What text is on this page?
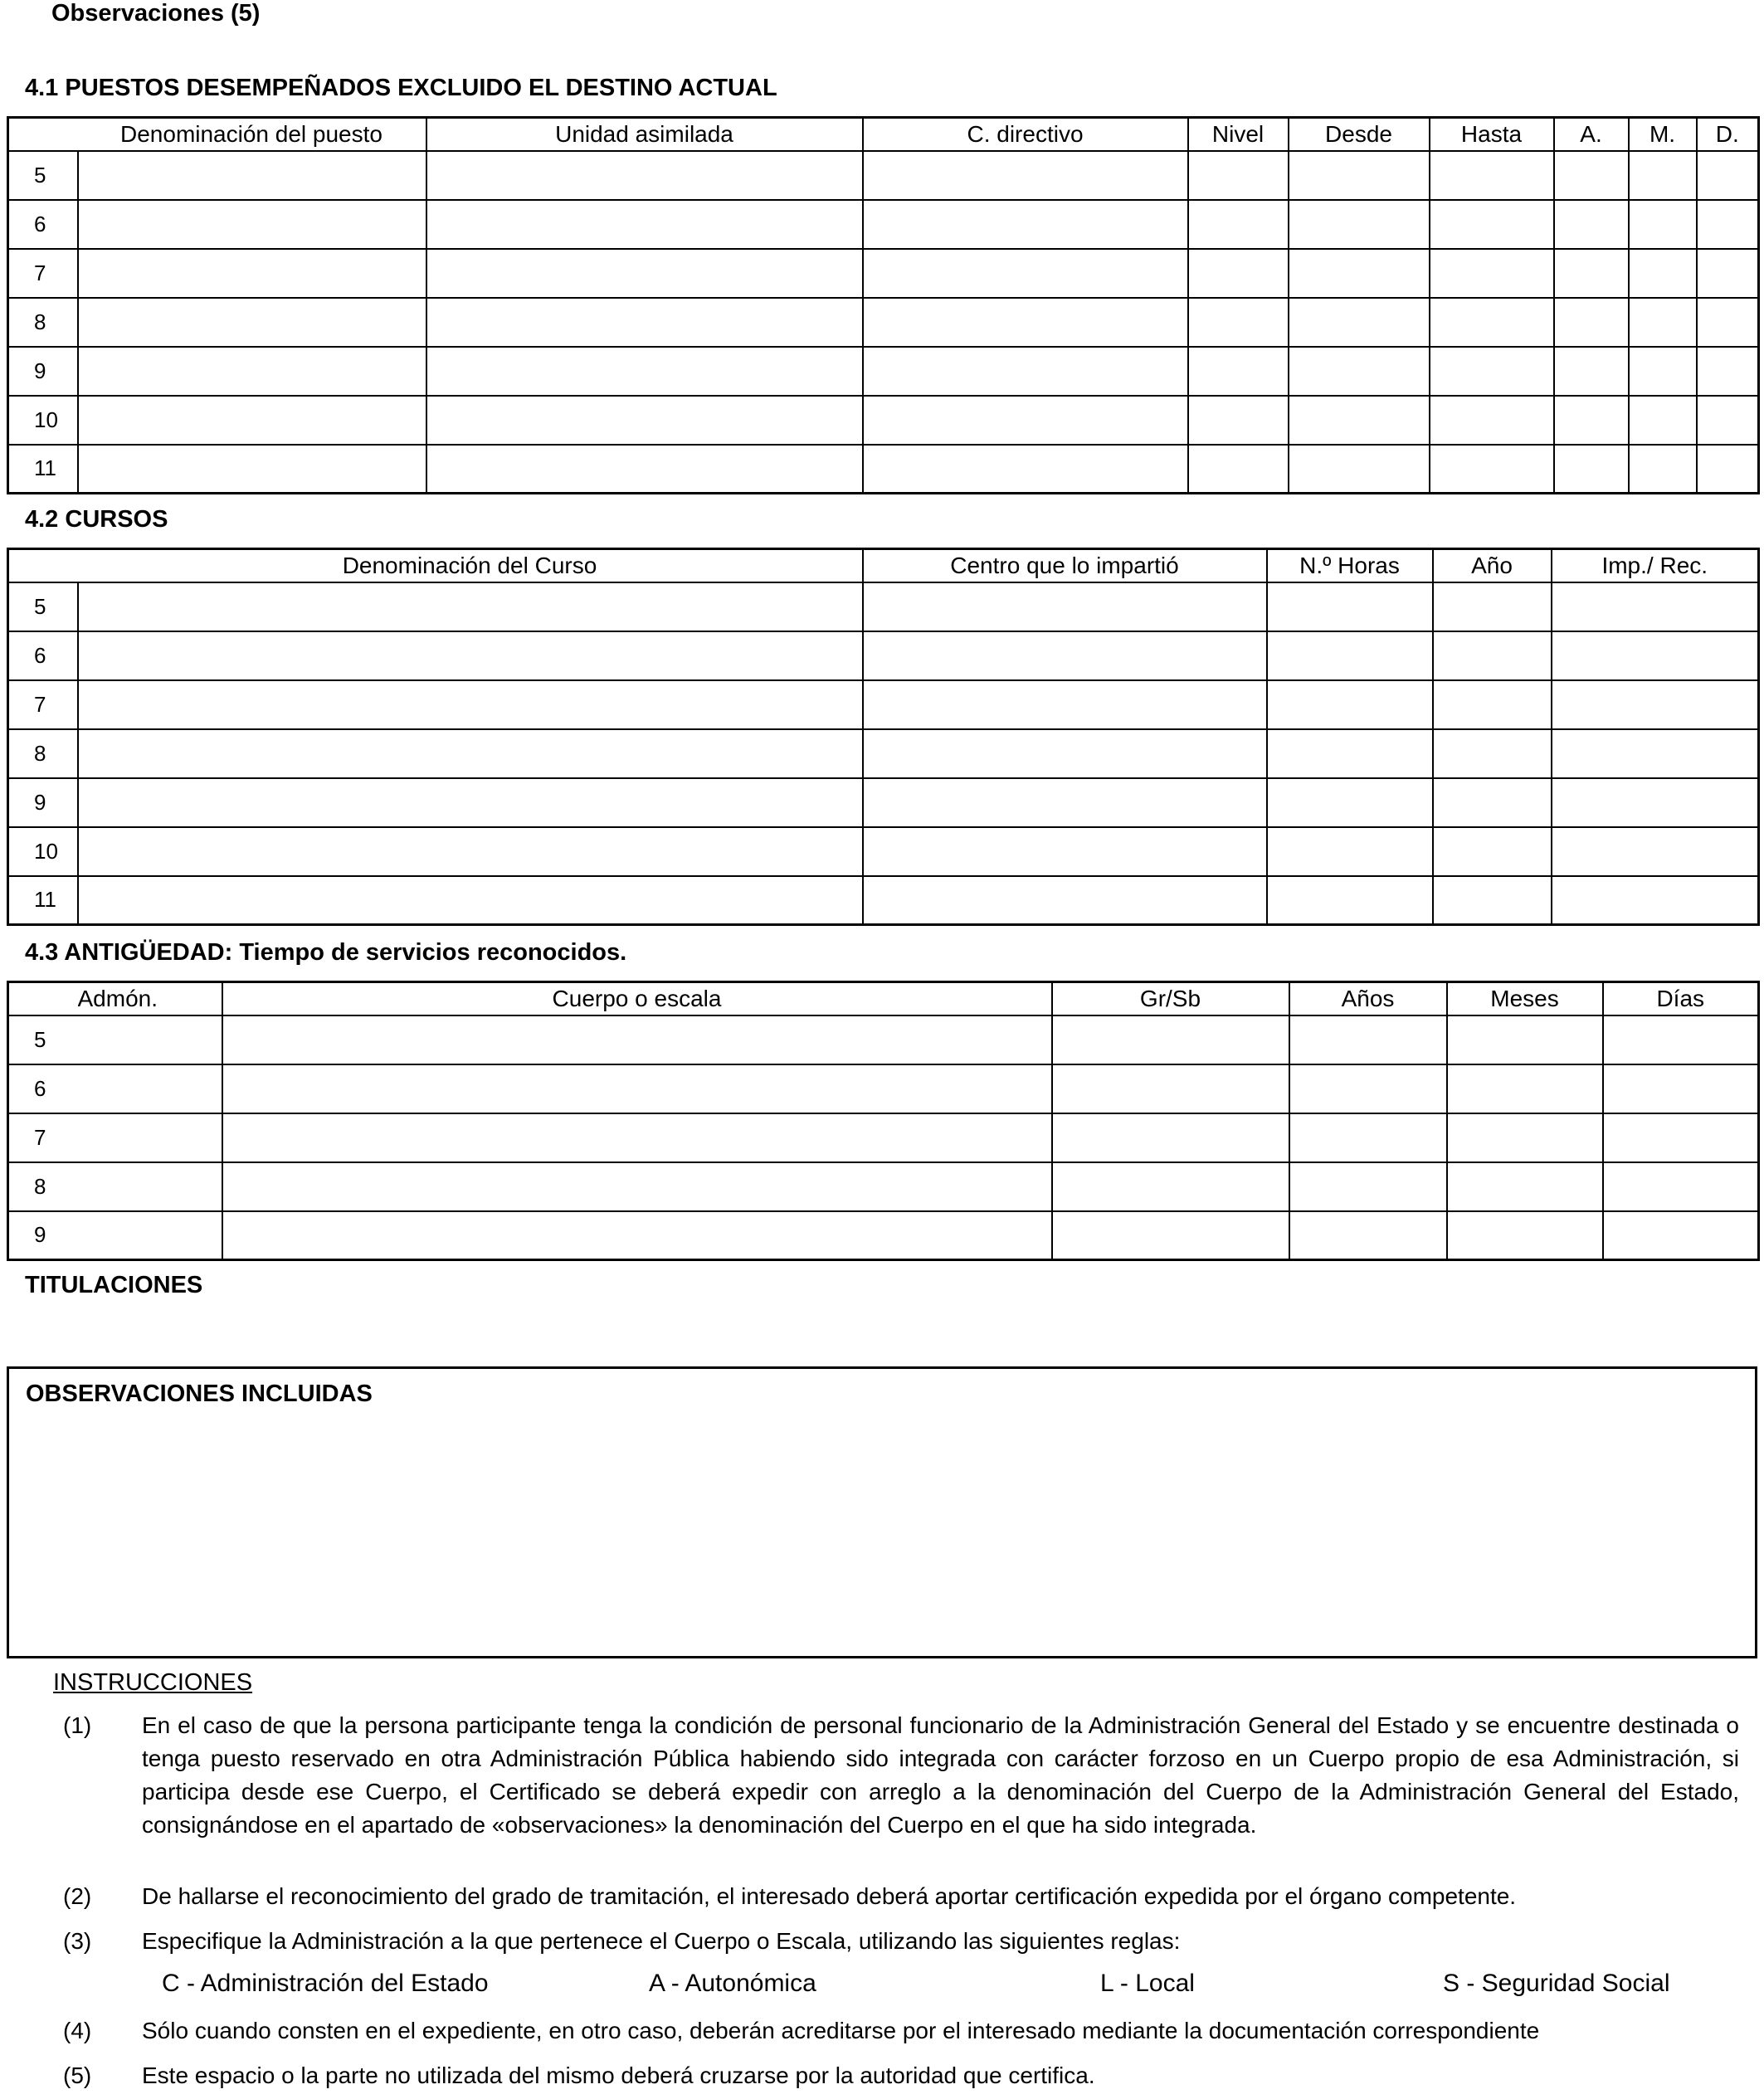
Observaciones (5)
4.1 PUESTOS DESEMPEÑADOS EXCLUIDO EL DESTINO ACTUAL
	Denominación del puesto	Unidad asimilada	C. directivo	Nivel	Desde	Hasta	A.	M.	D.
5									
6									
7									
8									
9									
10									
11									
4.2 CURSOS
	Denominación del Curso	Centro que lo impartió	N.º Horas	Año	Imp./ Rec.
5					
6					
7					
8					
9					
10					
11					
4.3 ANTIGÜEDAD: Tiempo de servicios reconocidos.
	Admón.	Cuerpo o escala	Gr/Sb	Años	Meses	Días
5						
6						
7						
8						
9						
TITULACIONES
OBSERVACIONES INCLUIDAS
INSTRUCCIONES
(1) En el caso de que la persona participante tenga la condición de personal funcionario de la Administración General del Estado y se encuentre destinada o tenga puesto reservado en otra Administración Pública habiendo sido integrada con carácter forzoso en un Cuerpo propio de esa Administración, si participa desde ese Cuerpo, el Certificado se deberá expedir con arreglo a la denominación del Cuerpo de la Administración General del Estado, consignándose en el apartado de «observaciones» la denominación del Cuerpo en el que ha sido integrada.
(2) De hallarse el reconocimiento del grado de tramitación, el interesado deberá aportar certificación expedida por el órgano competente.
(3) Especifique la Administración a la que pertenece el Cuerpo o Escala, utilizando las siguientes reglas:
C - Administración del Estado	A - Autonómica	L - Local	S - Seguridad Social
(4) Sólo cuando consten en el expediente, en otro caso, deberán acreditarse por el interesado mediante la documentación correspondiente
(5) Este espacio o la parte no utilizada del mismo deberá cruzarse por la autoridad que certifica.
